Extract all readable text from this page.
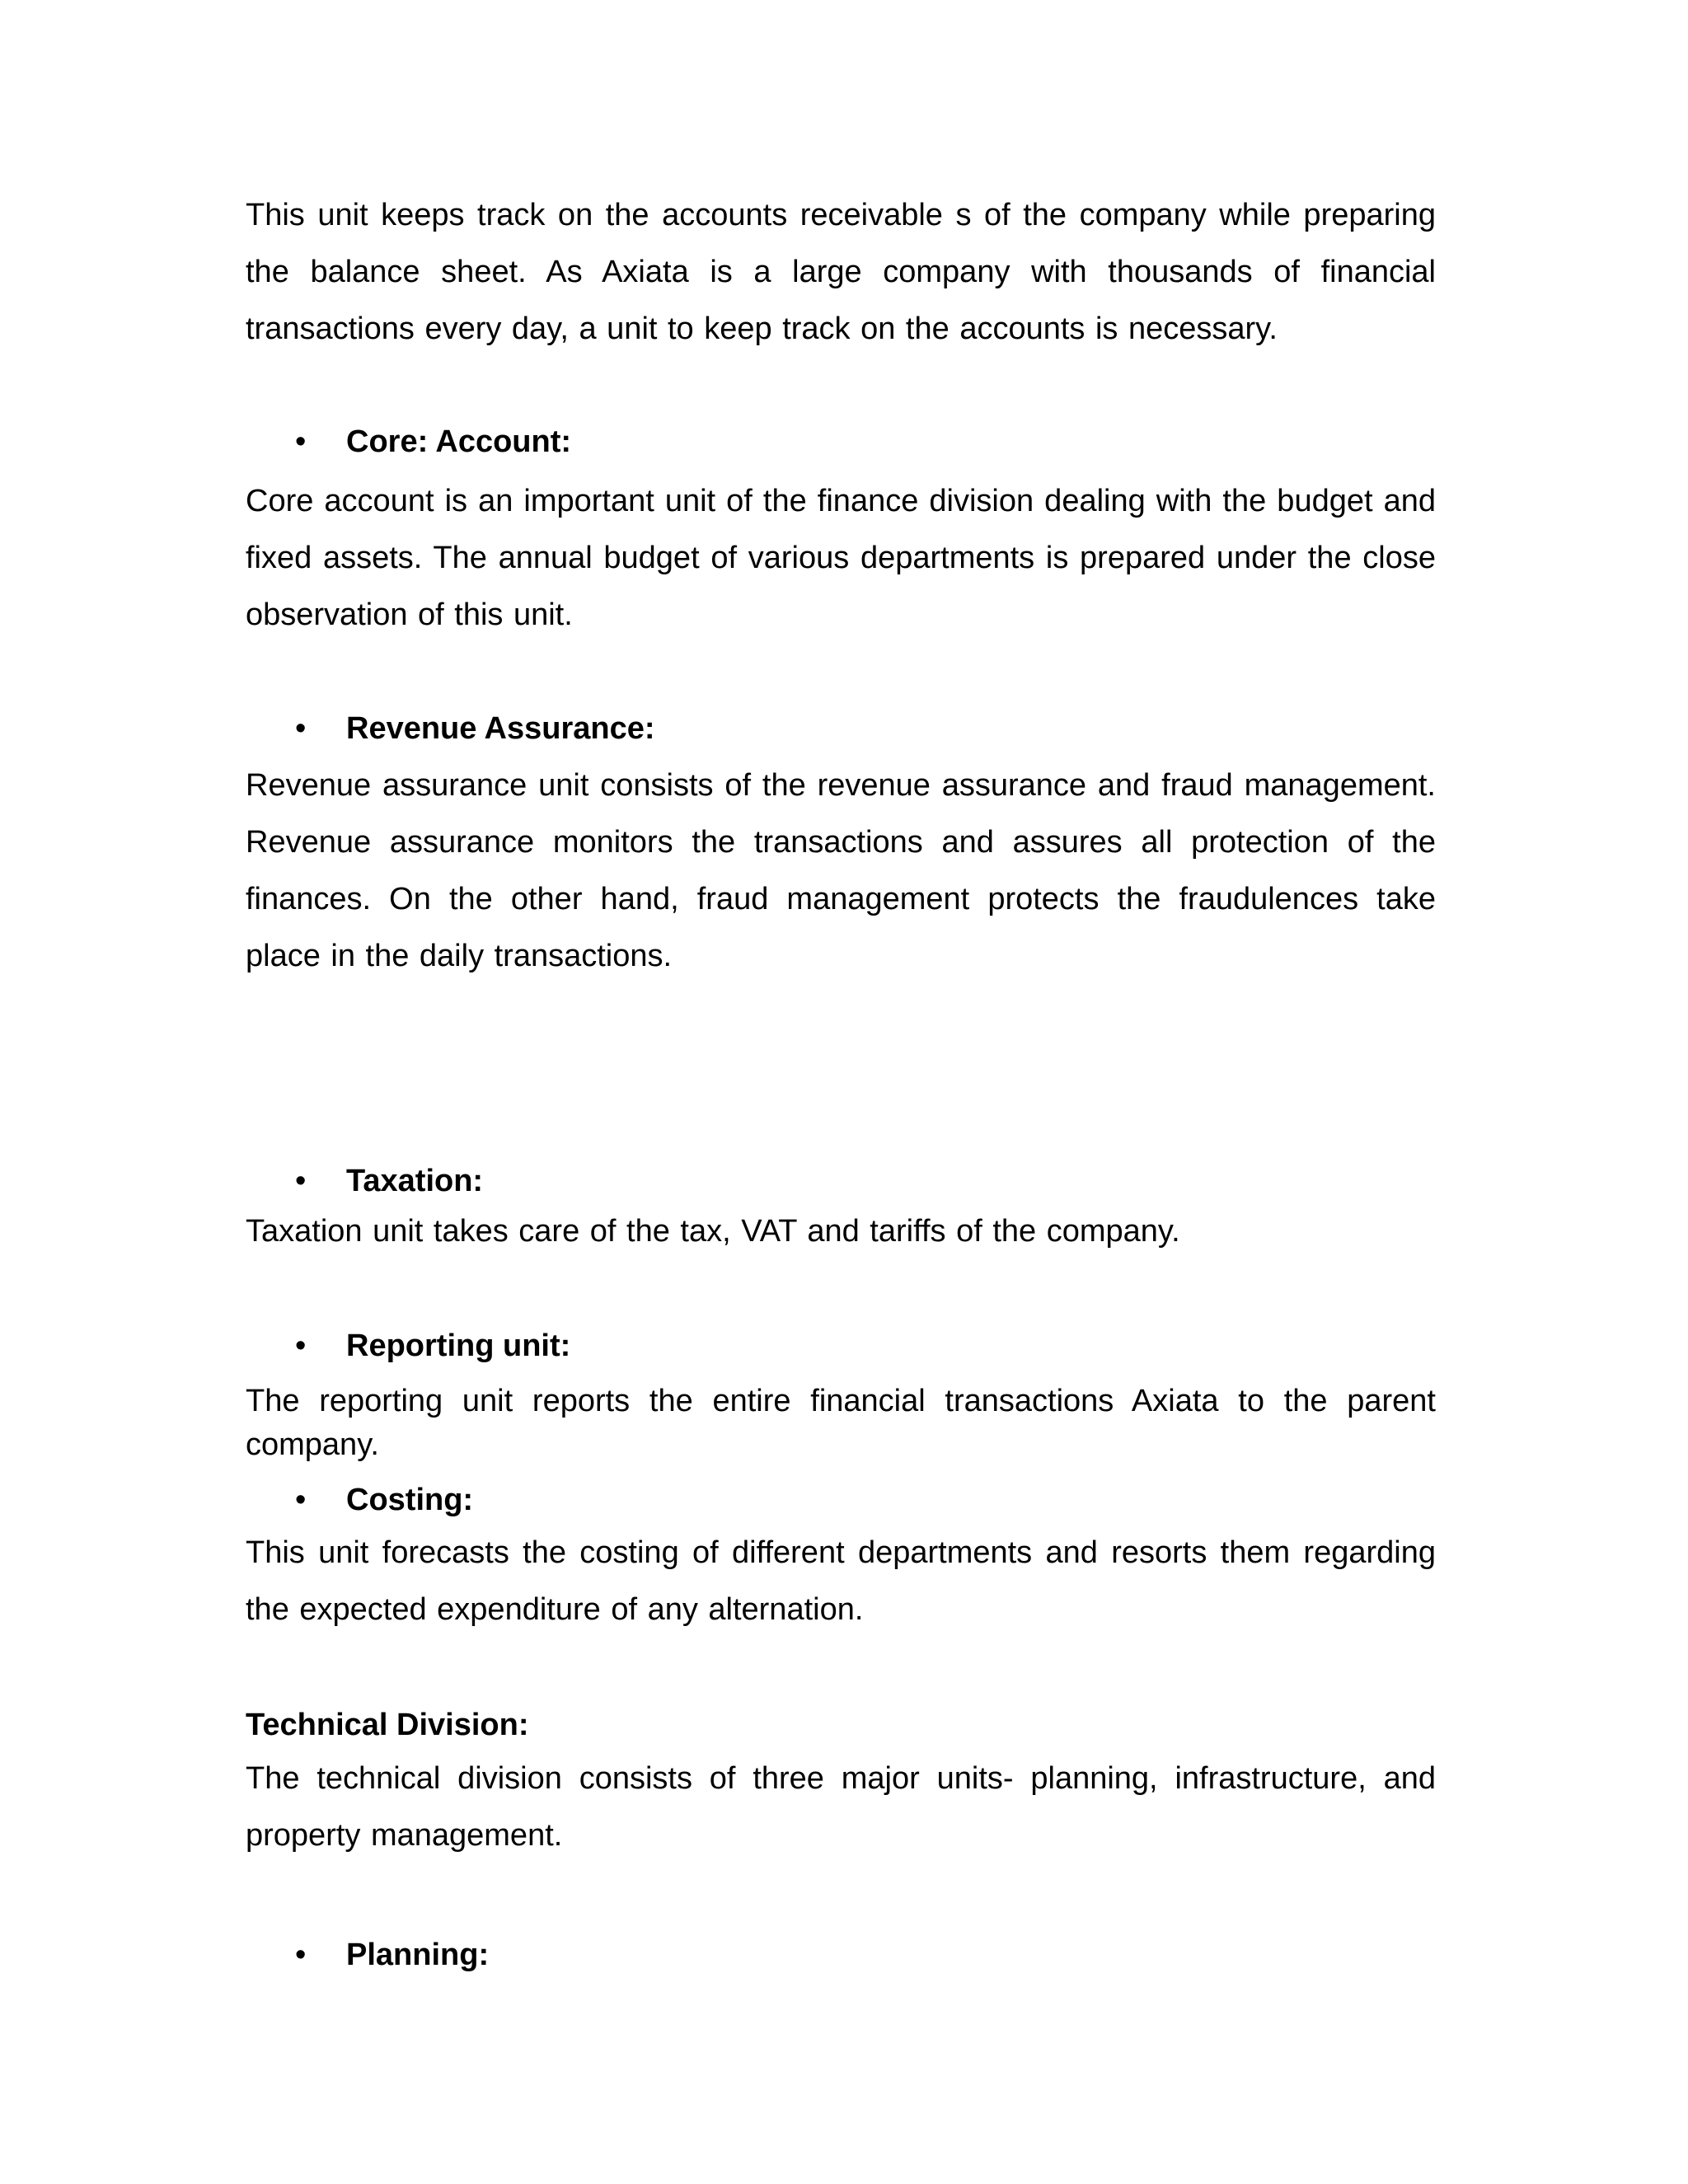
This unit keeps track on the accounts receivable s of the company while preparing the balance sheet. As Axiata is a large company with thousands of financial transactions every day, a unit to keep track on the accounts is necessary.

• Core: Account:

Core account is an important unit of the finance division dealing with the budget and fixed assets. The annual budget of various departments is prepared under the close observation of this unit.

• Revenue Assurance:

Revenue assurance unit consists of the revenue assurance and fraud management. Revenue assurance monitors the transactions and assures all protection of the finances. On the other hand, fraud management protects the fraudulences take place in the daily transactions.

• Taxation:

Taxation unit takes care of the tax, VAT and tariffs of the company.

• Reporting unit:

The reporting unit reports the entire financial transactions Axiata to the parent company.

• Costing:

This unit forecasts the costing of different departments and resorts them regarding the expected expenditure of any alternation.

Technical Division:

The technical division consists of three major units- planning, infrastructure, and property management.

• Planning:
